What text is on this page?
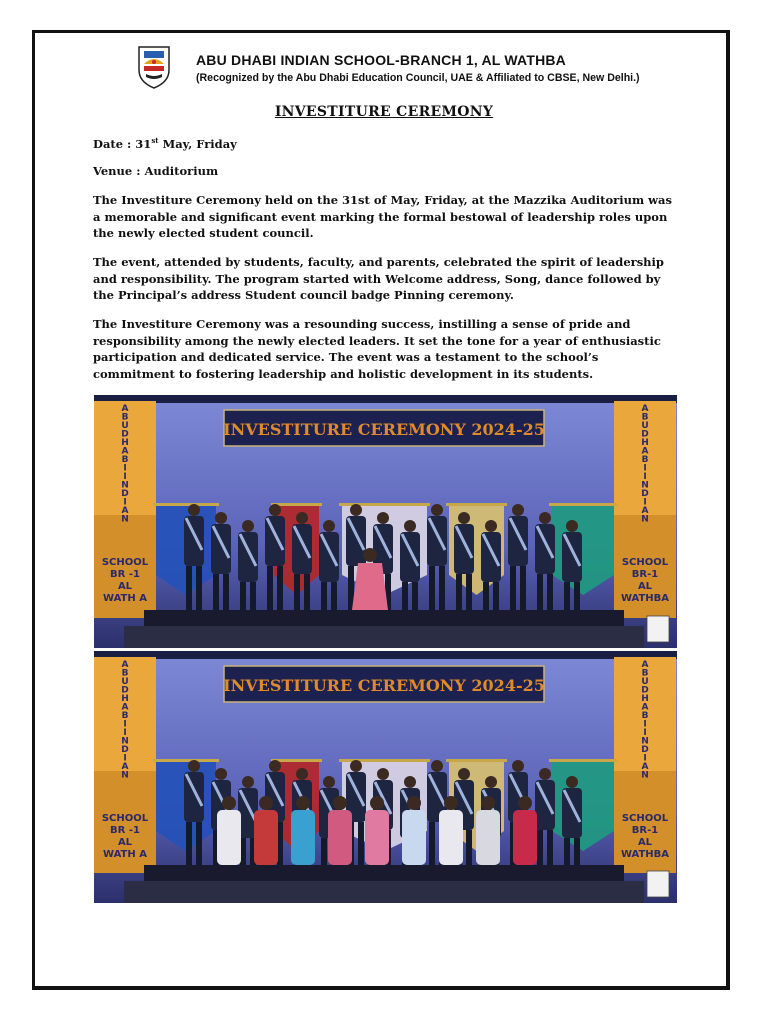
ABU DHABI INDIAN SCHOOL-BRANCH 1, AL WATHBA
(Recognized by the Abu Dhabi Education Council, UAE & Affiliated to CBSE, New Delhi.)
INVESTITURE CEREMONY
Date : 31st May, Friday
Venue : Auditorium

The Investiture Ceremony held on the 31st of May, Friday, at the Mazzika Auditorium was a memorable and significant event marking the formal bestowal of leadership roles upon the newly elected student council.

The event, attended by students, faculty, and parents, celebrated the spirit of leadership and responsibility. The program started with Welcome address, Song, dance followed by the Principal’s address Student council badge Pinning ceremony.

The Investiture Ceremony was a resounding success, instilling a sense of pride and responsibility among the newly elected leaders. It set the tone for a year of enthusiastic participation and dedicated service. The event was a testament to the school’s commitment to fostering leadership and holistic development in its students.

INVESTITURE CEREMONY 2024-25
A
B
U
D
H
A
B
I
I
N
D
I
A
N
SCHOOL
BR -1
AL
WATH A
A
B
U
D
H
A
B
I
I
N
D
I
A
N
SCHOOL
BR-1
AL
WATHBA
INVESTITURE CEREMONY 2024-25
A
B
U
D
H
A
B
I
I
N
D
I
A
N
SCHOOL
BR -1
AL
WATH A
A
B
U
D
H
A
B
I
I
N
D
I
A
N
SCHOOL
BR-1
AL
WATHBA
